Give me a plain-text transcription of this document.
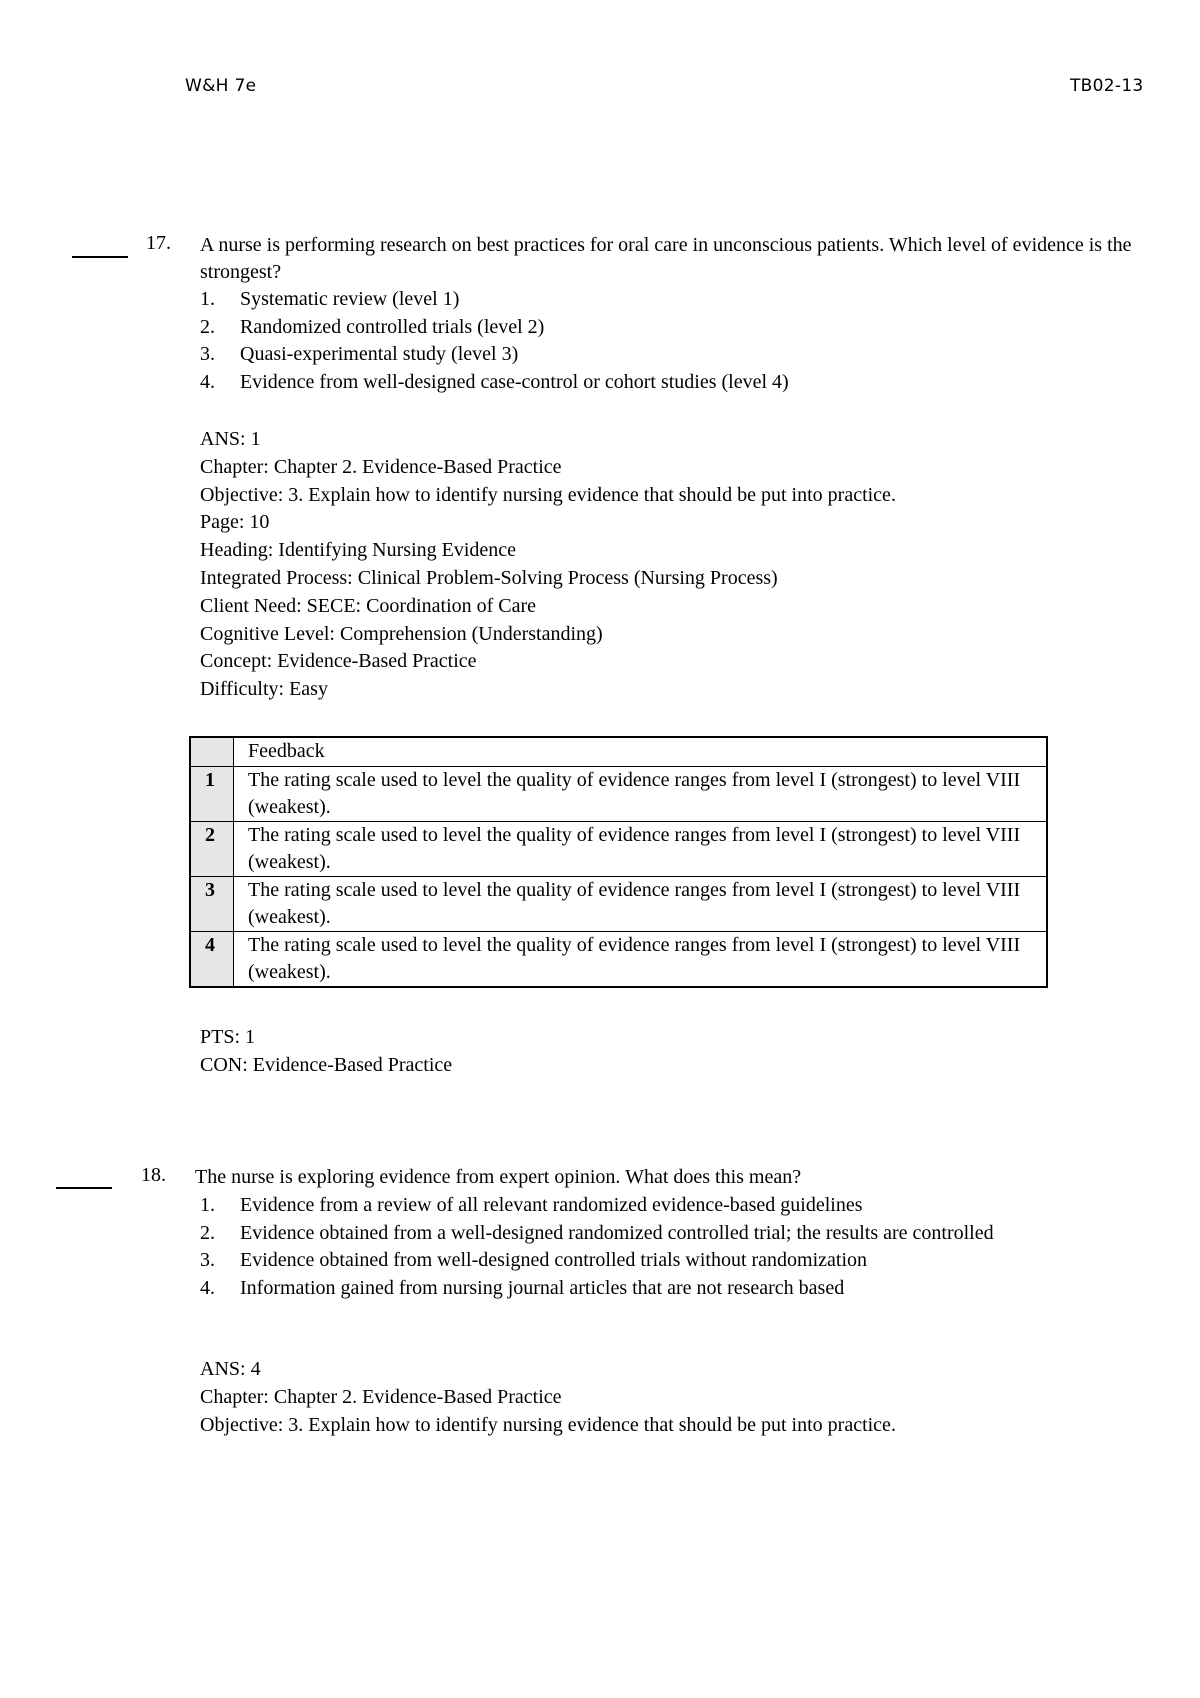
W&H 7e	TB02-13
17. A nurse is performing research on best practices for oral care in unconscious patients. Which level of evidence is the strongest?
1. Systematic review (level 1)
2. Randomized controlled trials (level 2)
3. Quasi-experimental study (level 3)
4. Evidence from well-designed case-control or cohort studies (level 4)
ANS: 1
Chapter: Chapter 2. Evidence-Based Practice
Objective: 3. Explain how to identify nursing evidence that should be put into practice.
Page: 10
Heading: Identifying Nursing Evidence
Integrated Process: Clinical Problem-Solving Process (Nursing Process)
Client Need: SECE: Coordination of Care
Cognitive Level: Comprehension (Understanding)
Concept: Evidence-Based Practice
Difficulty: Easy
	Feedback
1	The rating scale used to level the quality of evidence ranges from level I (strongest) to level VIII (weakest).
2	The rating scale used to level the quality of evidence ranges from level I (strongest) to level VIII (weakest).
3	The rating scale used to level the quality of evidence ranges from level I (strongest) to level VIII (weakest).
4	The rating scale used to level the quality of evidence ranges from level I (strongest) to level VIII (weakest).
PTS: 1
CON: Evidence-Based Practice
18. The nurse is exploring evidence from expert opinion. What does this mean?
1. Evidence from a review of all relevant randomized evidence-based guidelines
2. Evidence obtained from a well-designed randomized controlled trial; the results are controlled
3. Evidence obtained from well-designed controlled trials without randomization
4. Information gained from nursing journal articles that are not research based
ANS: 4
Chapter: Chapter 2. Evidence-Based Practice
Objective: 3. Explain how to identify nursing evidence that should be put into practice.
